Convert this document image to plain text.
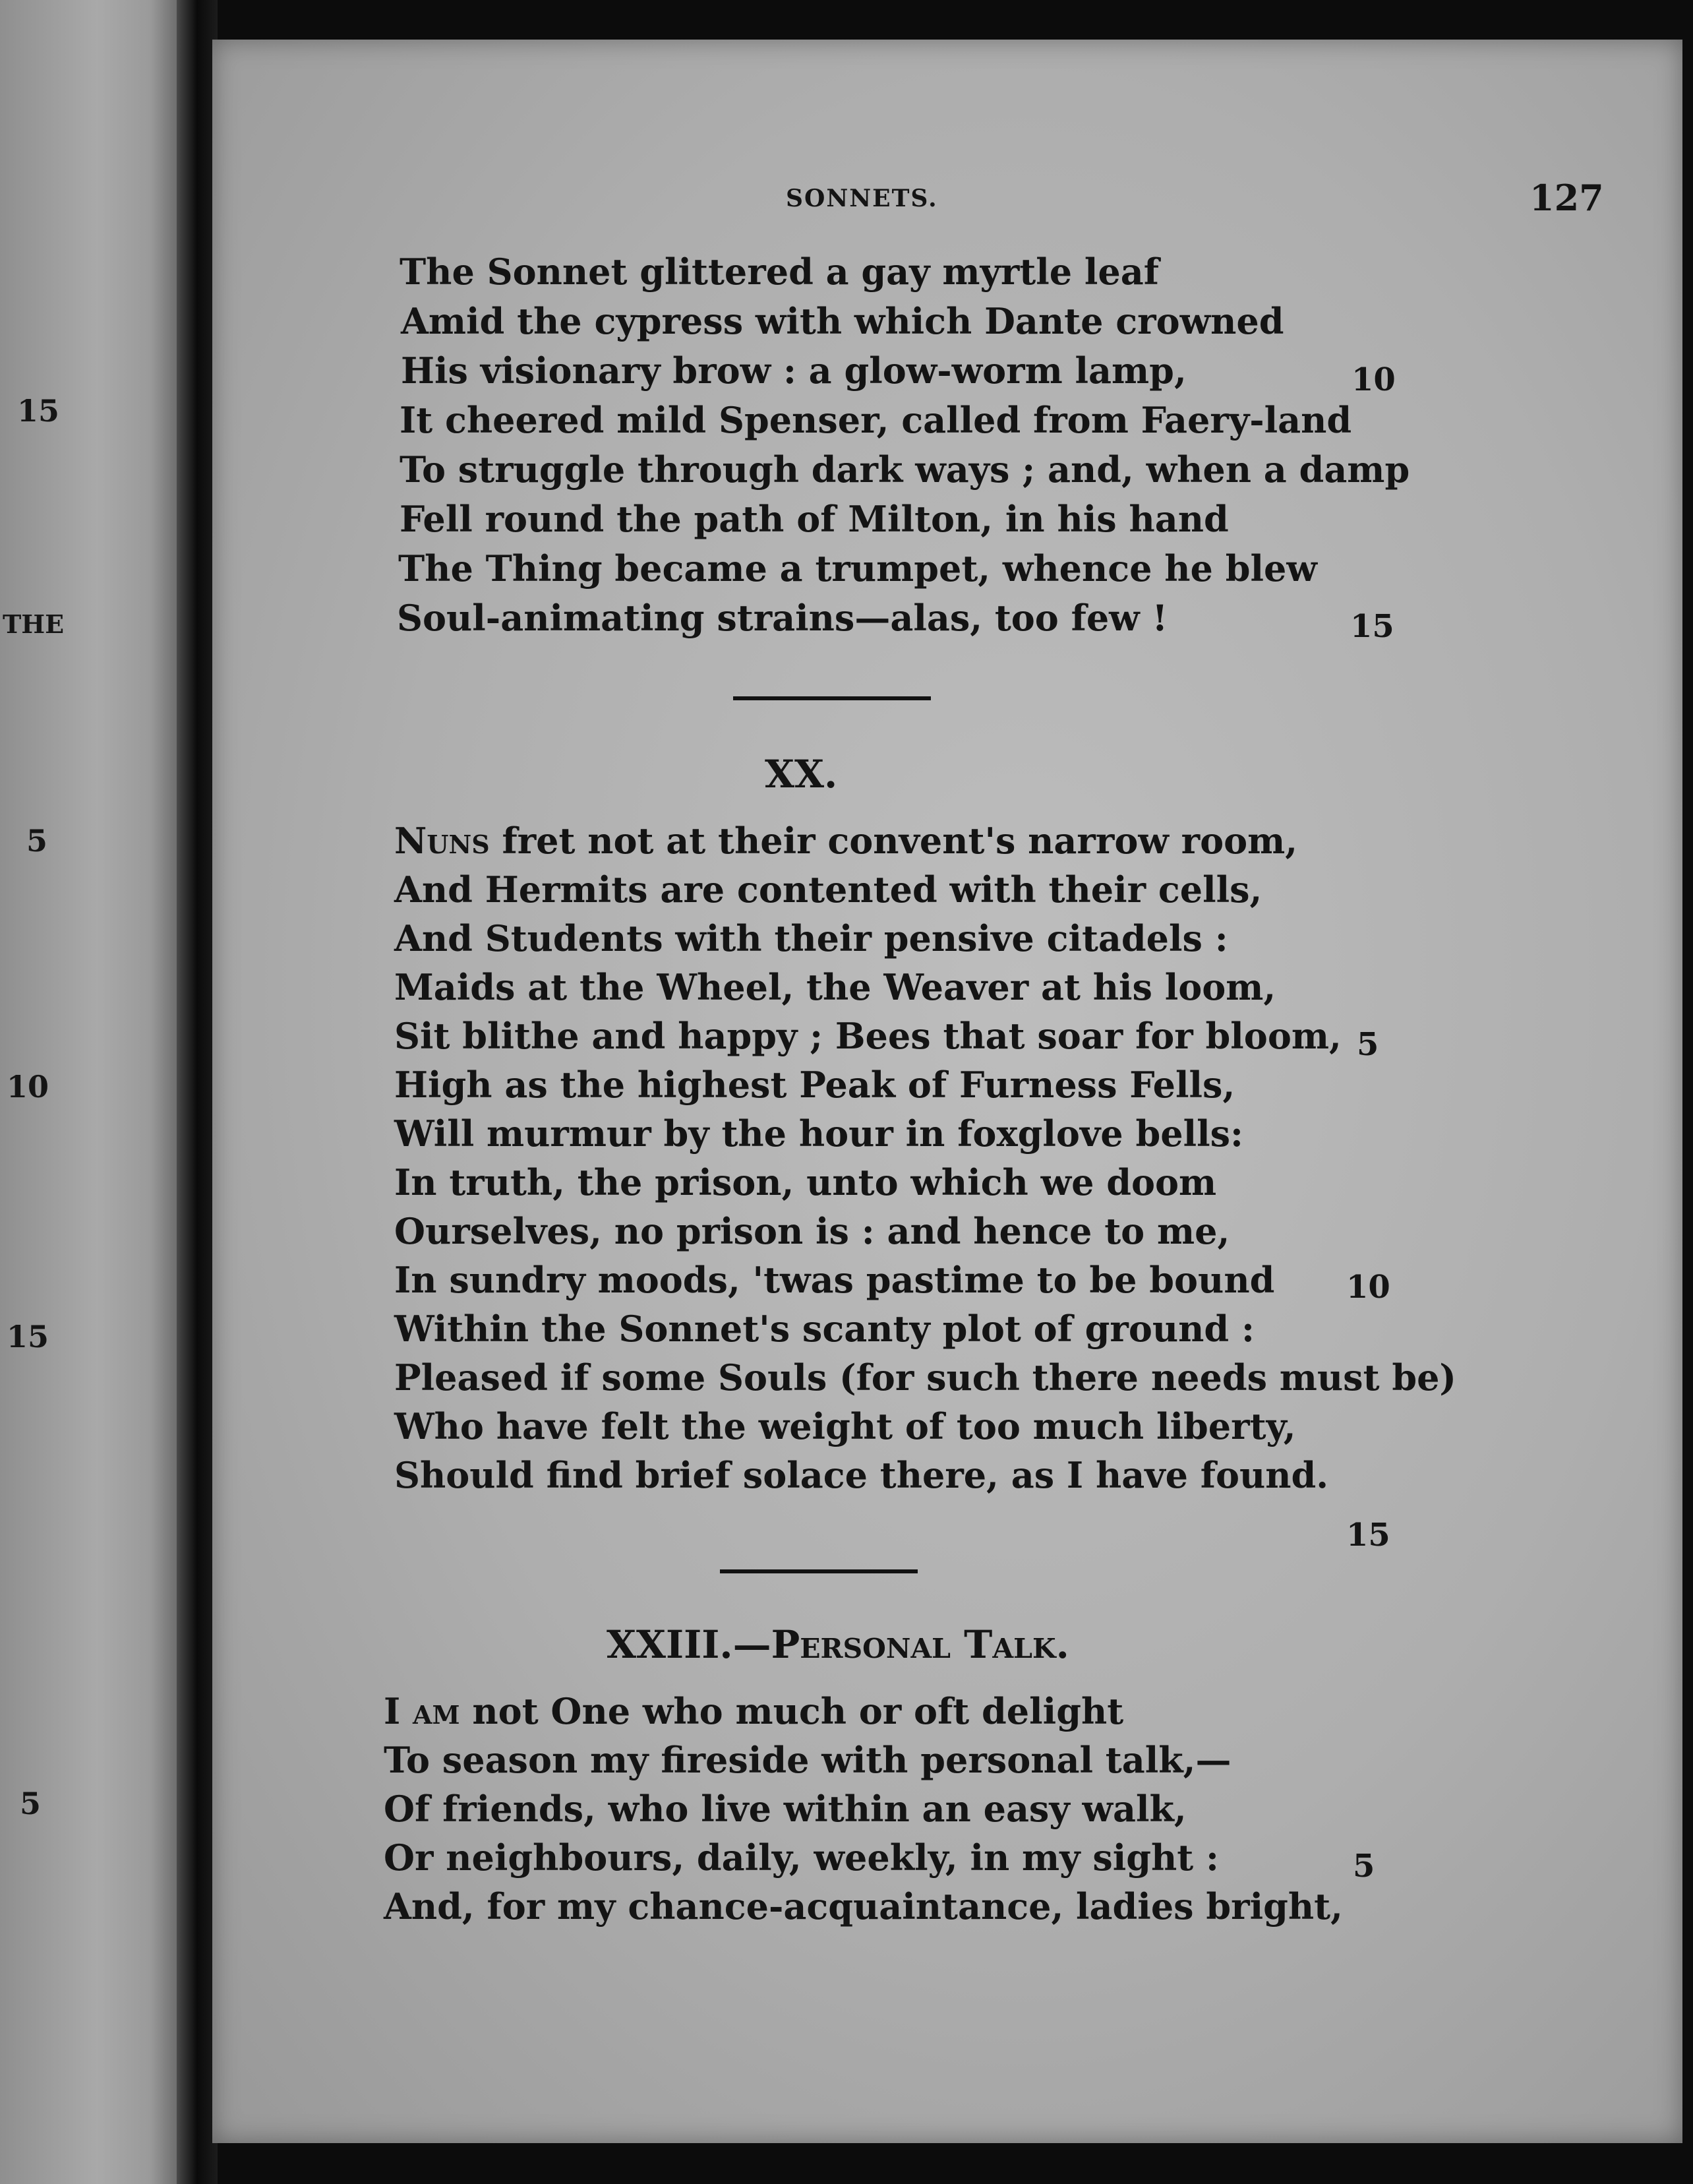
15
THE
5
10
15
5

SONNETS.	127
The Sonnet glittered a gay myrtle leaf
Amid the cypress with which Dante crowned
His visionary brow : a glow-worm lamp,
It cheered mild Spenser, called from Faery-land
To struggle through dark ways ; and, when a damp
Fell round the path of Milton, in his hand
The Thing became a trumpet, whence he blew
Soul-animating strains—alas, too few !
10
15
XX.
Nuns fret not at their convent's narrow room,
And Hermits are contented with their cells,
And Students with their pensive citadels :
Maids at the Wheel, the Weaver at his loom,
Sit blithe and happy ; Bees that soar for bloom,
High as the highest Peak of Furness Fells,
Will murmur by the hour in foxglove bells:
In truth, the prison, unto which we doom
Ourselves, no prison is : and hence to me,
In sundry moods, 'twas pastime to be bound
Within the Sonnet's scanty plot of ground :
Pleased if some Souls (for such there needs must be)
Who have felt the weight of too much liberty,
Should find brief solace there, as I have found.
5
10
15
XXIII.—Personal Talk.
I am not One who much or oft delight
To season my fireside with personal talk,—
Of friends, who live within an easy walk,
Or neighbours, daily, weekly, in my sight :
And, for my chance-acquaintance, ladies bright,
5
